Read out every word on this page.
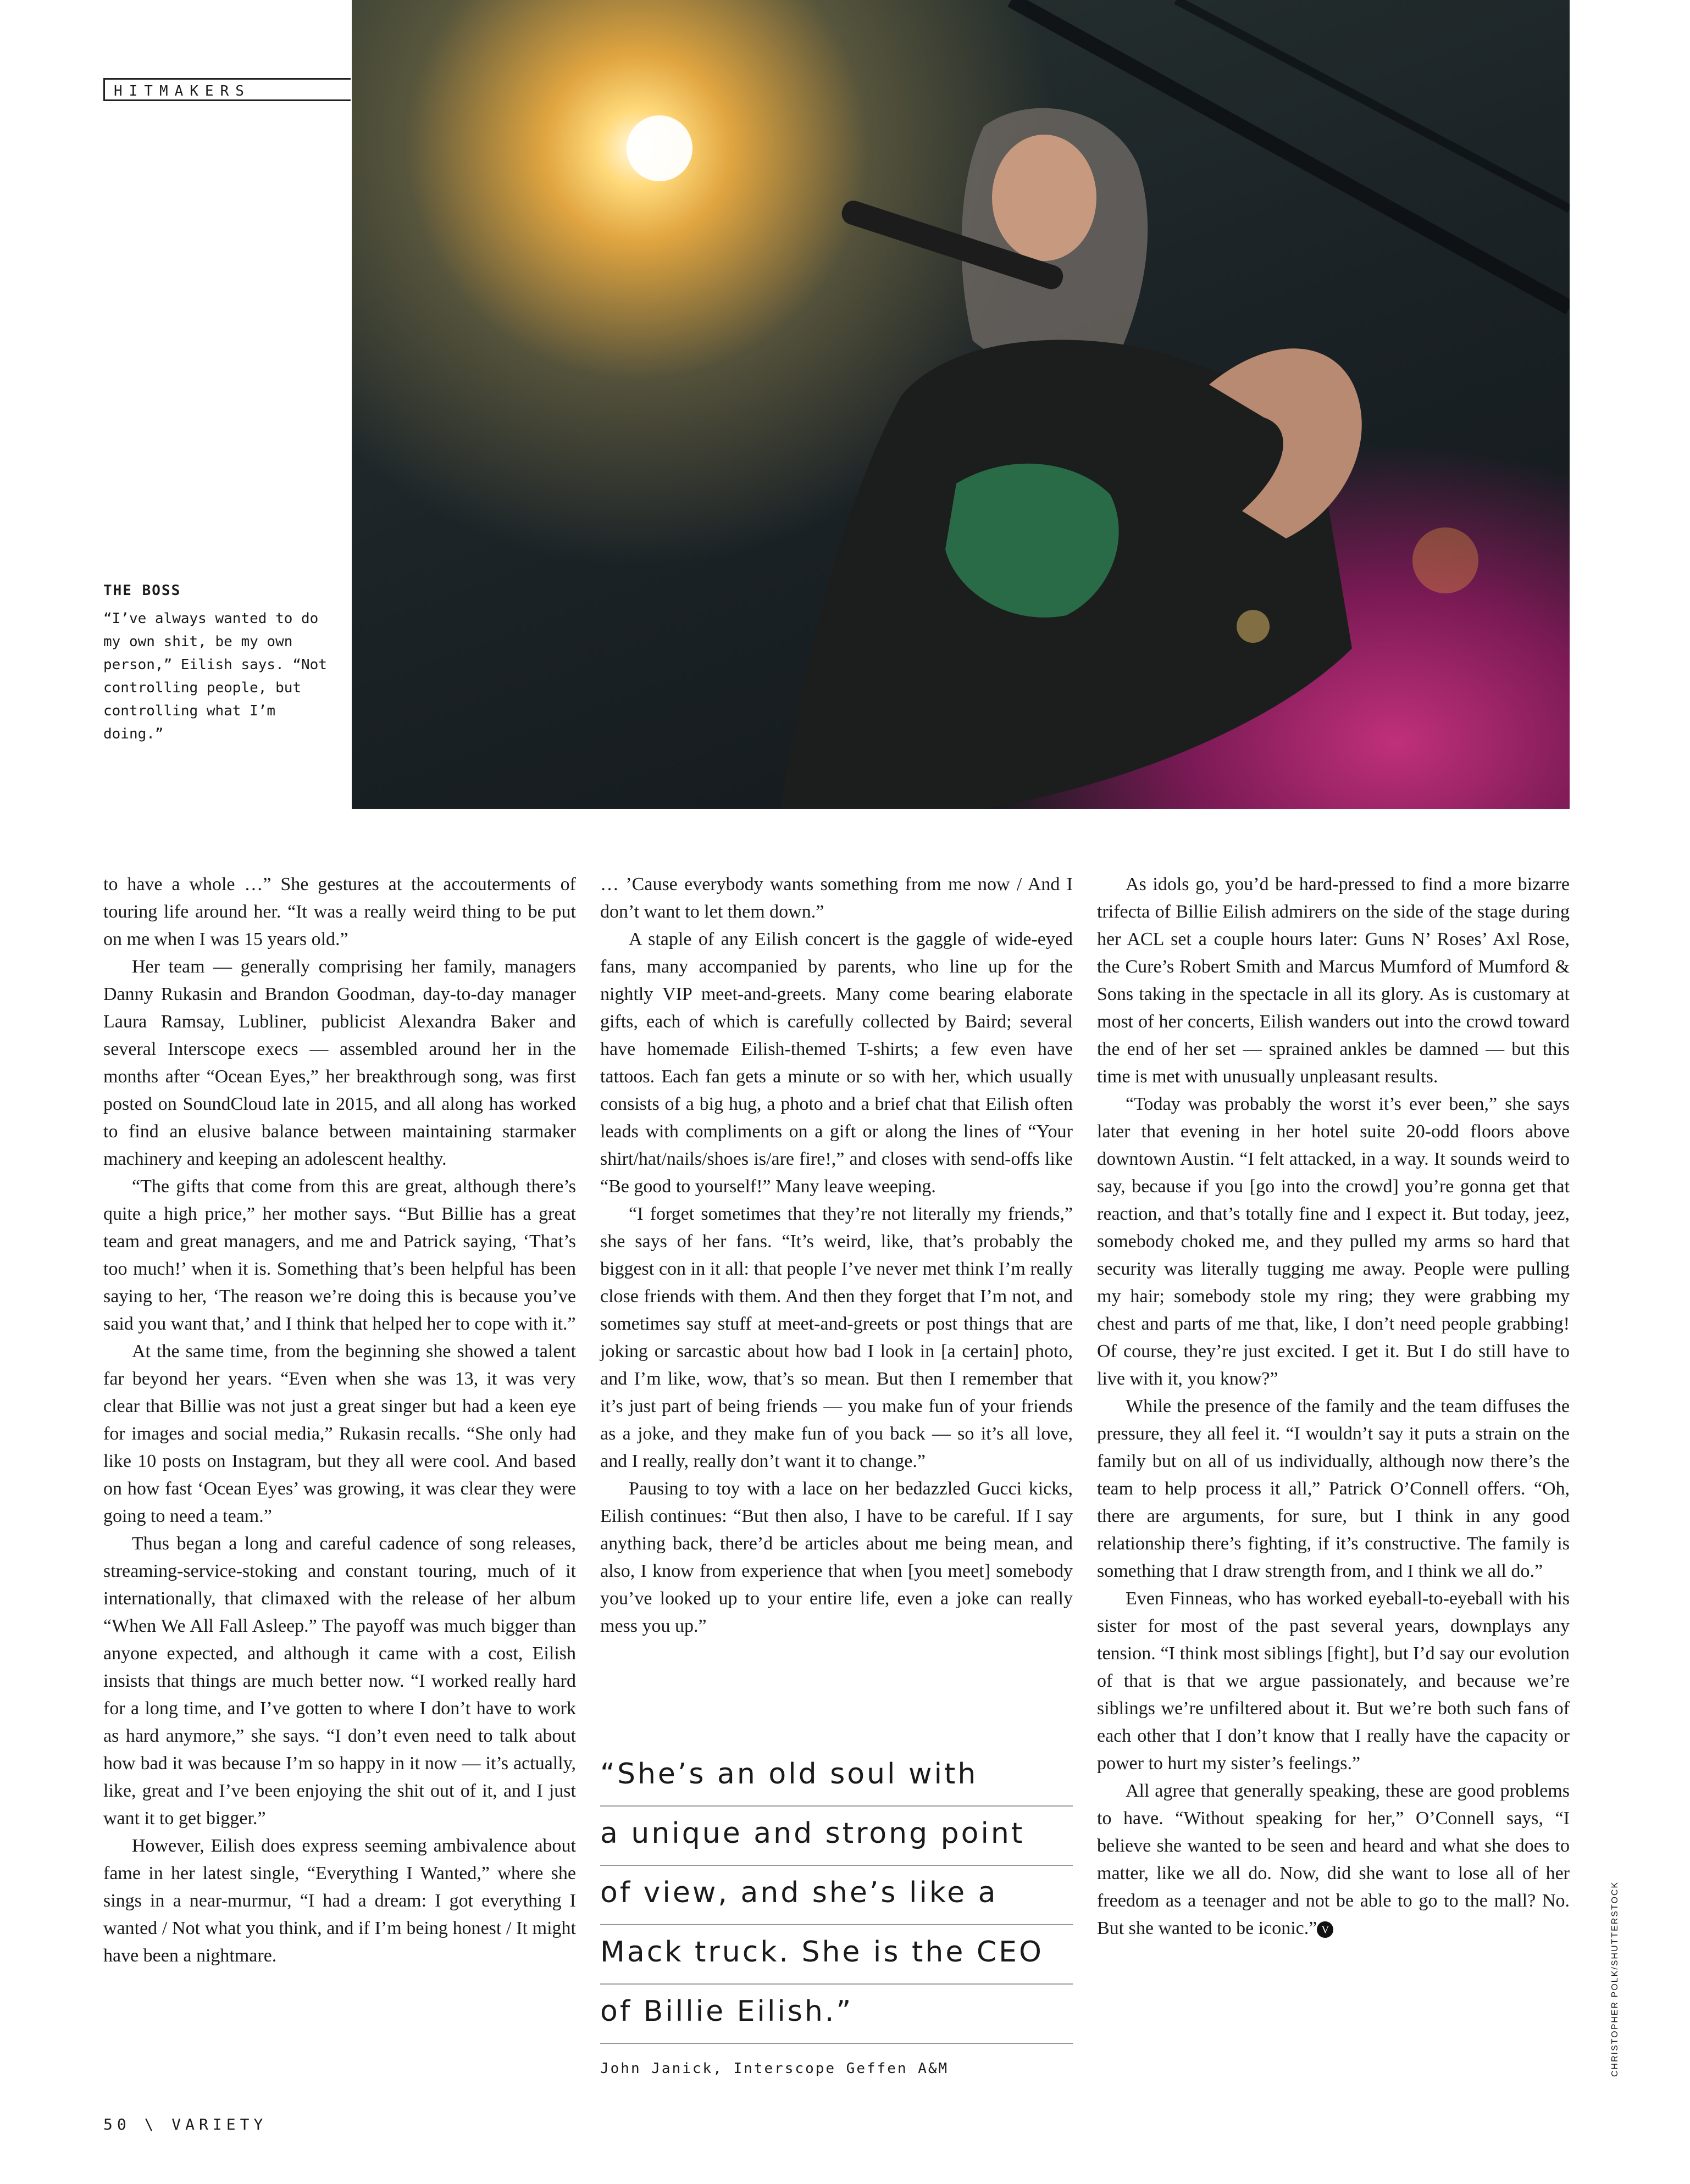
HITMAKERS
THE BOSS
“I’ve always wanted to do my own shit, be my own person,” Eilish says. “Not controlling people, but controlling what I’m doing.”

to have a whole …” She gestures at the accouterments of touring life around her. “It was a really weird thing to be put on me when I was 15 years old.”

Her team — generally comprising her family, managers Danny Rukasin and Brandon Goodman, day-to-day manager Laura Ramsay, Lubliner, publicist Alexandra Baker and several Interscope execs — assembled around her in the months after “Ocean Eyes,” her breakthrough song, was first posted on SoundCloud late in 2015, and all along has worked to find an elusive balance between maintaining starmaker machinery and keeping an adolescent healthy.

“The gifts that come from this are great, although there’s quite a high price,” her mother says. “But Billie has a great team and great managers, and me and Patrick saying, ‘That’s too much!’ when it is. Something that’s been helpful has been saying to her, ‘The reason we’re doing this is because you’ve said you want that,’ and I think that helped her to cope with it.”

At the same time, from the beginning she showed a talent far beyond her years. “Even when she was 13, it was very clear that Billie was not just a great singer but had a keen eye for images and social media,” Rukasin recalls. “She only had like 10 posts on Instagram, but they all were cool. And based on how fast ‘Ocean Eyes’ was growing, it was clear they were going to need a team.”

Thus began a long and careful cadence of song releases, streaming-service-stoking and constant touring, much of it internationally, that climaxed with the release of her album “When We All Fall Asleep.” The payoff was much bigger than anyone expected, and although it came with a cost, Eilish insists that things are much better now. “I worked really hard for a long time, and I’ve gotten to where I don’t have to work as hard anymore,” she says. “I don’t even need to talk about how bad it was because I’m so happy in it now — it’s actually, like, great and I’ve been enjoying the shit out of it, and I just want it to get bigger.”

However, Eilish does express seeming ambivalence about fame in her latest single, “Everything I Wanted,” where she sings in a near-murmur, “I had a dream: I got everything I wanted / Not what you think, and if I’m being honest / It might have been a nightmare.

… ’Cause everybody wants something from me now / And I don’t want to let them down.”

A staple of any Eilish concert is the gaggle of wide-eyed fans, many accompanied by parents, who line up for the nightly VIP meet-and-greets. Many come bearing elaborate gifts, each of which is carefully collected by Baird; several have homemade Eilish-themed T-shirts; a few even have tattoos. Each fan gets a minute or so with her, which usually consists of a big hug, a photo and a brief chat that Eilish often leads with compliments on a gift or along the lines of “Your shirt/hat/nails/shoes is/are fire!,” and closes with send-offs like “Be good to yourself!” Many leave weeping.

“I forget sometimes that they’re not literally my friends,” she says of her fans. “It’s weird, like, that’s probably the biggest con in it all: that people I’ve never met think I’m really close friends with them. And then they forget that I’m not, and sometimes say stuff at meet-and-greets or post things that are joking or sarcastic about how bad I look in [a certain] photo, and I’m like, wow, that’s so mean. But then I remember that it’s just part of being friends — you make fun of your friends as a joke, and they make fun of you back — so it’s all love, and I really, really don’t want it to change.”

Pausing to toy with a lace on her bedazzled Gucci kicks, Eilish continues: “But then also, I have to be careful. If I say anything back, there’d be articles about me being mean, and also, I know from experience that when [you meet] somebody you’ve looked up to your entire life, even a joke can really mess you up.”

“She’s an old soul with
a unique and strong point
of view, and she’s like a
Mack truck. She is the CEO
of Billie Eilish.”
John Janick, Interscope Geffen A&M

As idols go, you’d be hard-pressed to find a more bizarre trifecta of Billie Eilish admirers on the side of the stage during her ACL set a couple hours later: Guns N’ Roses’ Axl Rose, the Cure’s Robert Smith and Marcus Mumford of Mumford & Sons taking in the spectacle in all its glory. As is customary at most of her concerts, Eilish wanders out into the crowd toward the end of her set — sprained ankles be damned — but this time is met with unusually unpleasant results.

“Today was probably the worst it’s ever been,” she says later that evening in her hotel suite 20-odd floors above downtown Austin. “I felt attacked, in a way. It sounds weird to say, because if you [go into the crowd] you’re gonna get that reaction, and that’s totally fine and I expect it. But today, jeez, somebody choked me, and they pulled my arms so hard that security was literally tugging me away. People were pulling my hair; somebody stole my ring; they were grabbing my chest and parts of me that, like, I don’t need people grabbing! Of course, they’re just excited. I get it. But I do still have to live with it, you know?”

While the presence of the family and the team diffuses the pressure, they all feel it. “I wouldn’t say it puts a strain on the family but on all of us individually, although now there’s the team to help process it all,” Patrick O’Connell offers. “Oh, there are arguments, for sure, but I think in any good relationship there’s fighting, if it’s constructive. The family is something that I draw strength from, and I think we all do.”

Even Finneas, who has worked eyeball-to-eyeball with his sister for most of the past several years, downplays any tension. “I think most siblings [fight], but I’d say our evolution of that is that we argue passionately, and because we’re siblings we’re unfiltered about it. But we’re both such fans of each other that I don’t know that I really have the capacity or power to hurt my sister’s feelings.”

All agree that generally speaking, these are good problems to have. “Without speaking for her,” O’Connell says, “I believe she wanted to be seen and heard and what she does to matter, like we all do. Now, did she want to lose all of her freedom as a teenager and not be able to go to the mall? No. But she wanted to be iconic.” V	CHRISTOPHER POLK/SHUTTERSTOCK
50 \ VARIETY
